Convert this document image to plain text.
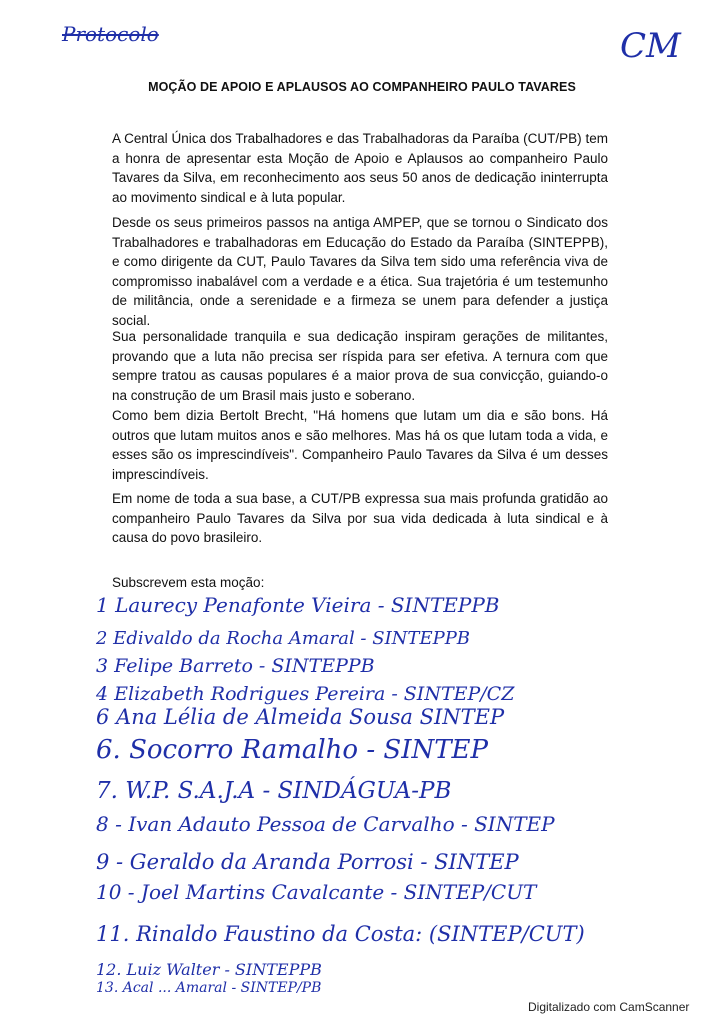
Protocolo	CM
MOÇÃO DE APOIO E APLAUSOS AO COMPANHEIRO PAULO TAVARES
A Central Única dos Trabalhadores e das Trabalhadoras da Paraíba (CUT/PB) tem a honra de apresentar esta Moção de Apoio e Aplausos ao companheiro Paulo Tavares da Silva, em reconhecimento aos seus 50 anos de dedicação ininterrupta ao movimento sindical e à luta popular.
Desde os seus primeiros passos na antiga AMPEP, que se tornou o Sindicato dos Trabalhadores e trabalhadoras em Educação do Estado da Paraíba (SINTEPPB), e como dirigente da CUT, Paulo Tavares da Silva tem sido uma referência viva de compromisso inabalável com a verdade e a ética. Sua trajetória é um testemunho de militância, onde a serenidade e a firmeza se unem para defender a justiça social.
Sua personalidade tranquila e sua dedicação inspiram gerações de militantes, provando que a luta não precisa ser ríspida para ser efetiva. A ternura com que sempre tratou as causas populares é a maior prova de sua convicção, guiando-o na construção de um Brasil mais justo e soberano.
Como bem dizia Bertolt Brecht, "Há homens que lutam um dia e são bons. Há outros que lutam muitos anos e são melhores. Mas há os que lutam toda a vida, e esses são os imprescindíveis". Companheiro Paulo Tavares da Silva é um desses imprescindíveis.
Em nome de toda a sua base, a CUT/PB expressa sua mais profunda gratidão ao companheiro Paulo Tavares da Silva por sua vida dedicada à luta sindical e à causa do povo brasileiro.
Subscrevem esta moção:
1 Laurecy Penafonte Vieira - SINTEPPB
2 Edivaldo da Rocha Amaral - SINTEPPB
3 Felipe Barreto - SINTEPPB
4 Elizabeth Rodrigues Pereira - SINTEP/CZ
6 Ana Lélia de Almeida Sousa SINTEP
6. Socorro Ramalho - SINTEP
7. W.P. S.A.J.A - SINDÁGUA-PB
8 - Ivan Adauto Pessoa de Carvalho - SINTEP
9 - Geraldo da Aranda Porrosi - SINTEP
10 - Joel Martins Cavalcante - SINTEP/CUT
11. Rinaldo Faustino da Costa: (SINTEP/CUT)
12. Luiz Walter - SINTEPPB
13. Acal ... Amaral - SINTEP/PB
Digitalizado com CamScanner
